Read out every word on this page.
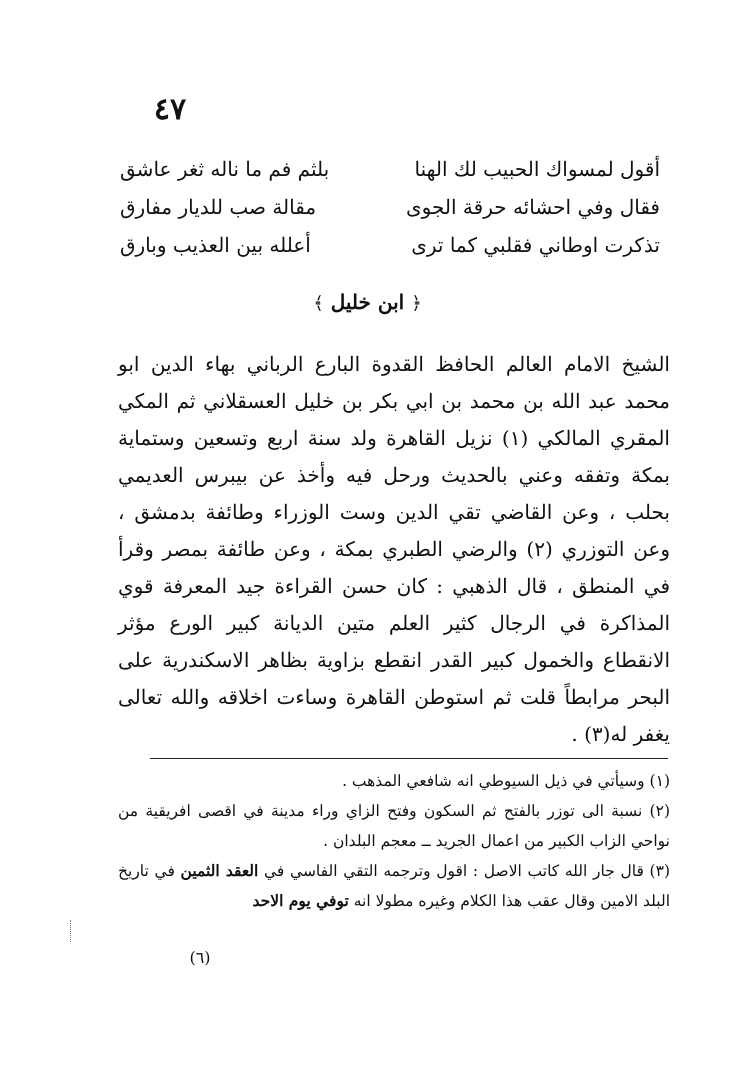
٤٧
أقول لمسواك الحبيب لك الهنا
بلثم فم ما ناله ثغر عاشق
فقال وفي احشائه حرقة الجوى
مقالة صب للديار مفارق
تذكرت اوطاني فقلبي كما ترى
أعلله بين العذيب وبارق
﴿ ابن خليل ﴾
الشيخ الامام العالم الحافظ القدوة البارع الرباني بهاء الدين ابو محمد عبد الله بن محمد بن ابي بكر بن خليل العسقلاني ثم المكي المقري المالكي (١) نزيل القاهرة ولد سنة اربع وتسعين وستماية بمكة وتفقه وعني بالحديث ورحل فيه وأخذ عن بيبرس العديمي بحلب ، وعن القاضي تقي الدين وست الوزراء وطائفة بدمشق ، وعن التوزري (٢) والرضي الطبري بمكة ، وعن طائفة بمصر وقرأ في المنطق ، قال الذهبي : كان حسن القراءة جيد المعرفة قوي المذاكرة في الرجال كثير العلم متين الديانة كبير الورع مؤثر الانقطاع والخمول كبير القدر انقطع بزاوية بظاهر الاسكندرية على البحر مرابطاً قلت ثم استوطن القاهرة وساءت اخلاقه والله تعالى يغفر له(٣) .

(١) وسيأتي في ذيل السيوطي انه شافعي المذهب .

(٢) نسبة الى توزر بالفتح ثم السكون وفتح الزاي وراء مدينة في اقصى افريقية من نواحي الزاب الكبير من اعمال الجريد ــ معجم البلدان .

(٣) قال جار الله كاتب الاصل : اقول وترجمه التقي الفاسي في العقد الثمين في تاريخ البلد الامين وقال عقب هذا الكلام وغيره مطولا انه توفي يوم الاحد

(٦)
